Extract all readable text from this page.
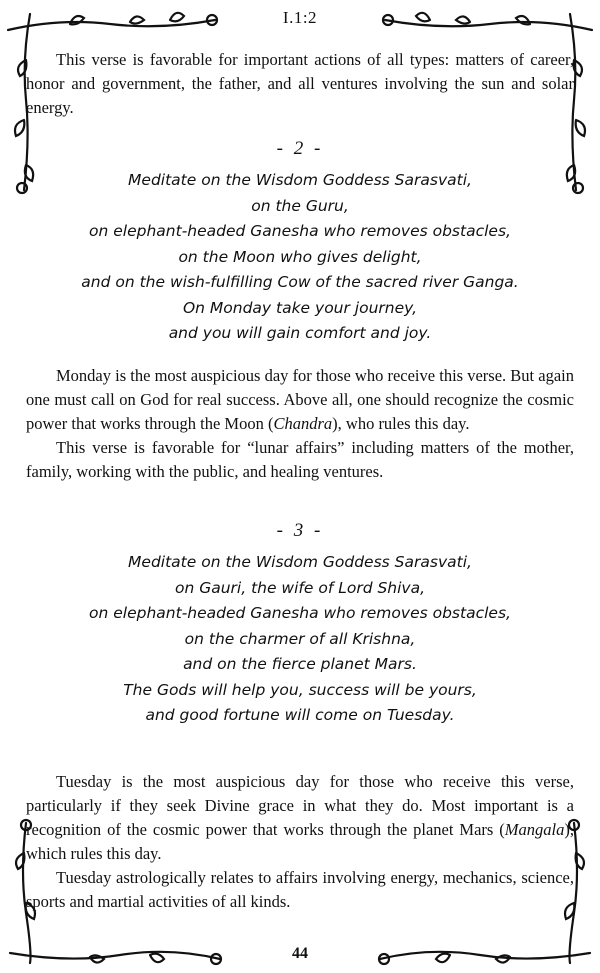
I.1:2

This verse is favorable for important actions of all types: matters of career, honor and government, the father, and all ventures involving the sun and solar energy.

- 2 -
Meditate on the Wisdom Goddess Sarasvati,
on the Guru,
on elephant-headed Ganesha who removes obstacles,
on the Moon who gives delight,
and on the wish-fulfilling Cow of the sacred river Ganga.
On Monday take your journey,
and you will gain comfort and joy.

Monday is the most auspicious day for those who receive this verse. But again one must call on God for real success. Above all, one should recognize the cosmic power that works through the Moon (Chandra), who rules this day.

This verse is favorable for “lunar affairs” including matters of the mother, family, working with the public, and healing ventures.

- 3 -
Meditate on the Wisdom Goddess Sarasvati,
on Gauri, the wife of Lord Shiva,
on elephant-headed Ganesha who removes obstacles,
on the charmer of all Krishna,
and on the fierce planet Mars.
The Gods will help you, success will be yours,
and good fortune will come on Tuesday.

Tuesday is the most auspicious day for those who receive this verse, particularly if they seek Divine grace in what they do. Most important is a recognition of the cosmic power that works through the planet Mars (Mangala), which rules this day.

Tuesday astrologically relates to affairs involving energy, mechanics, science, sports and martial activities of all kinds.

44
